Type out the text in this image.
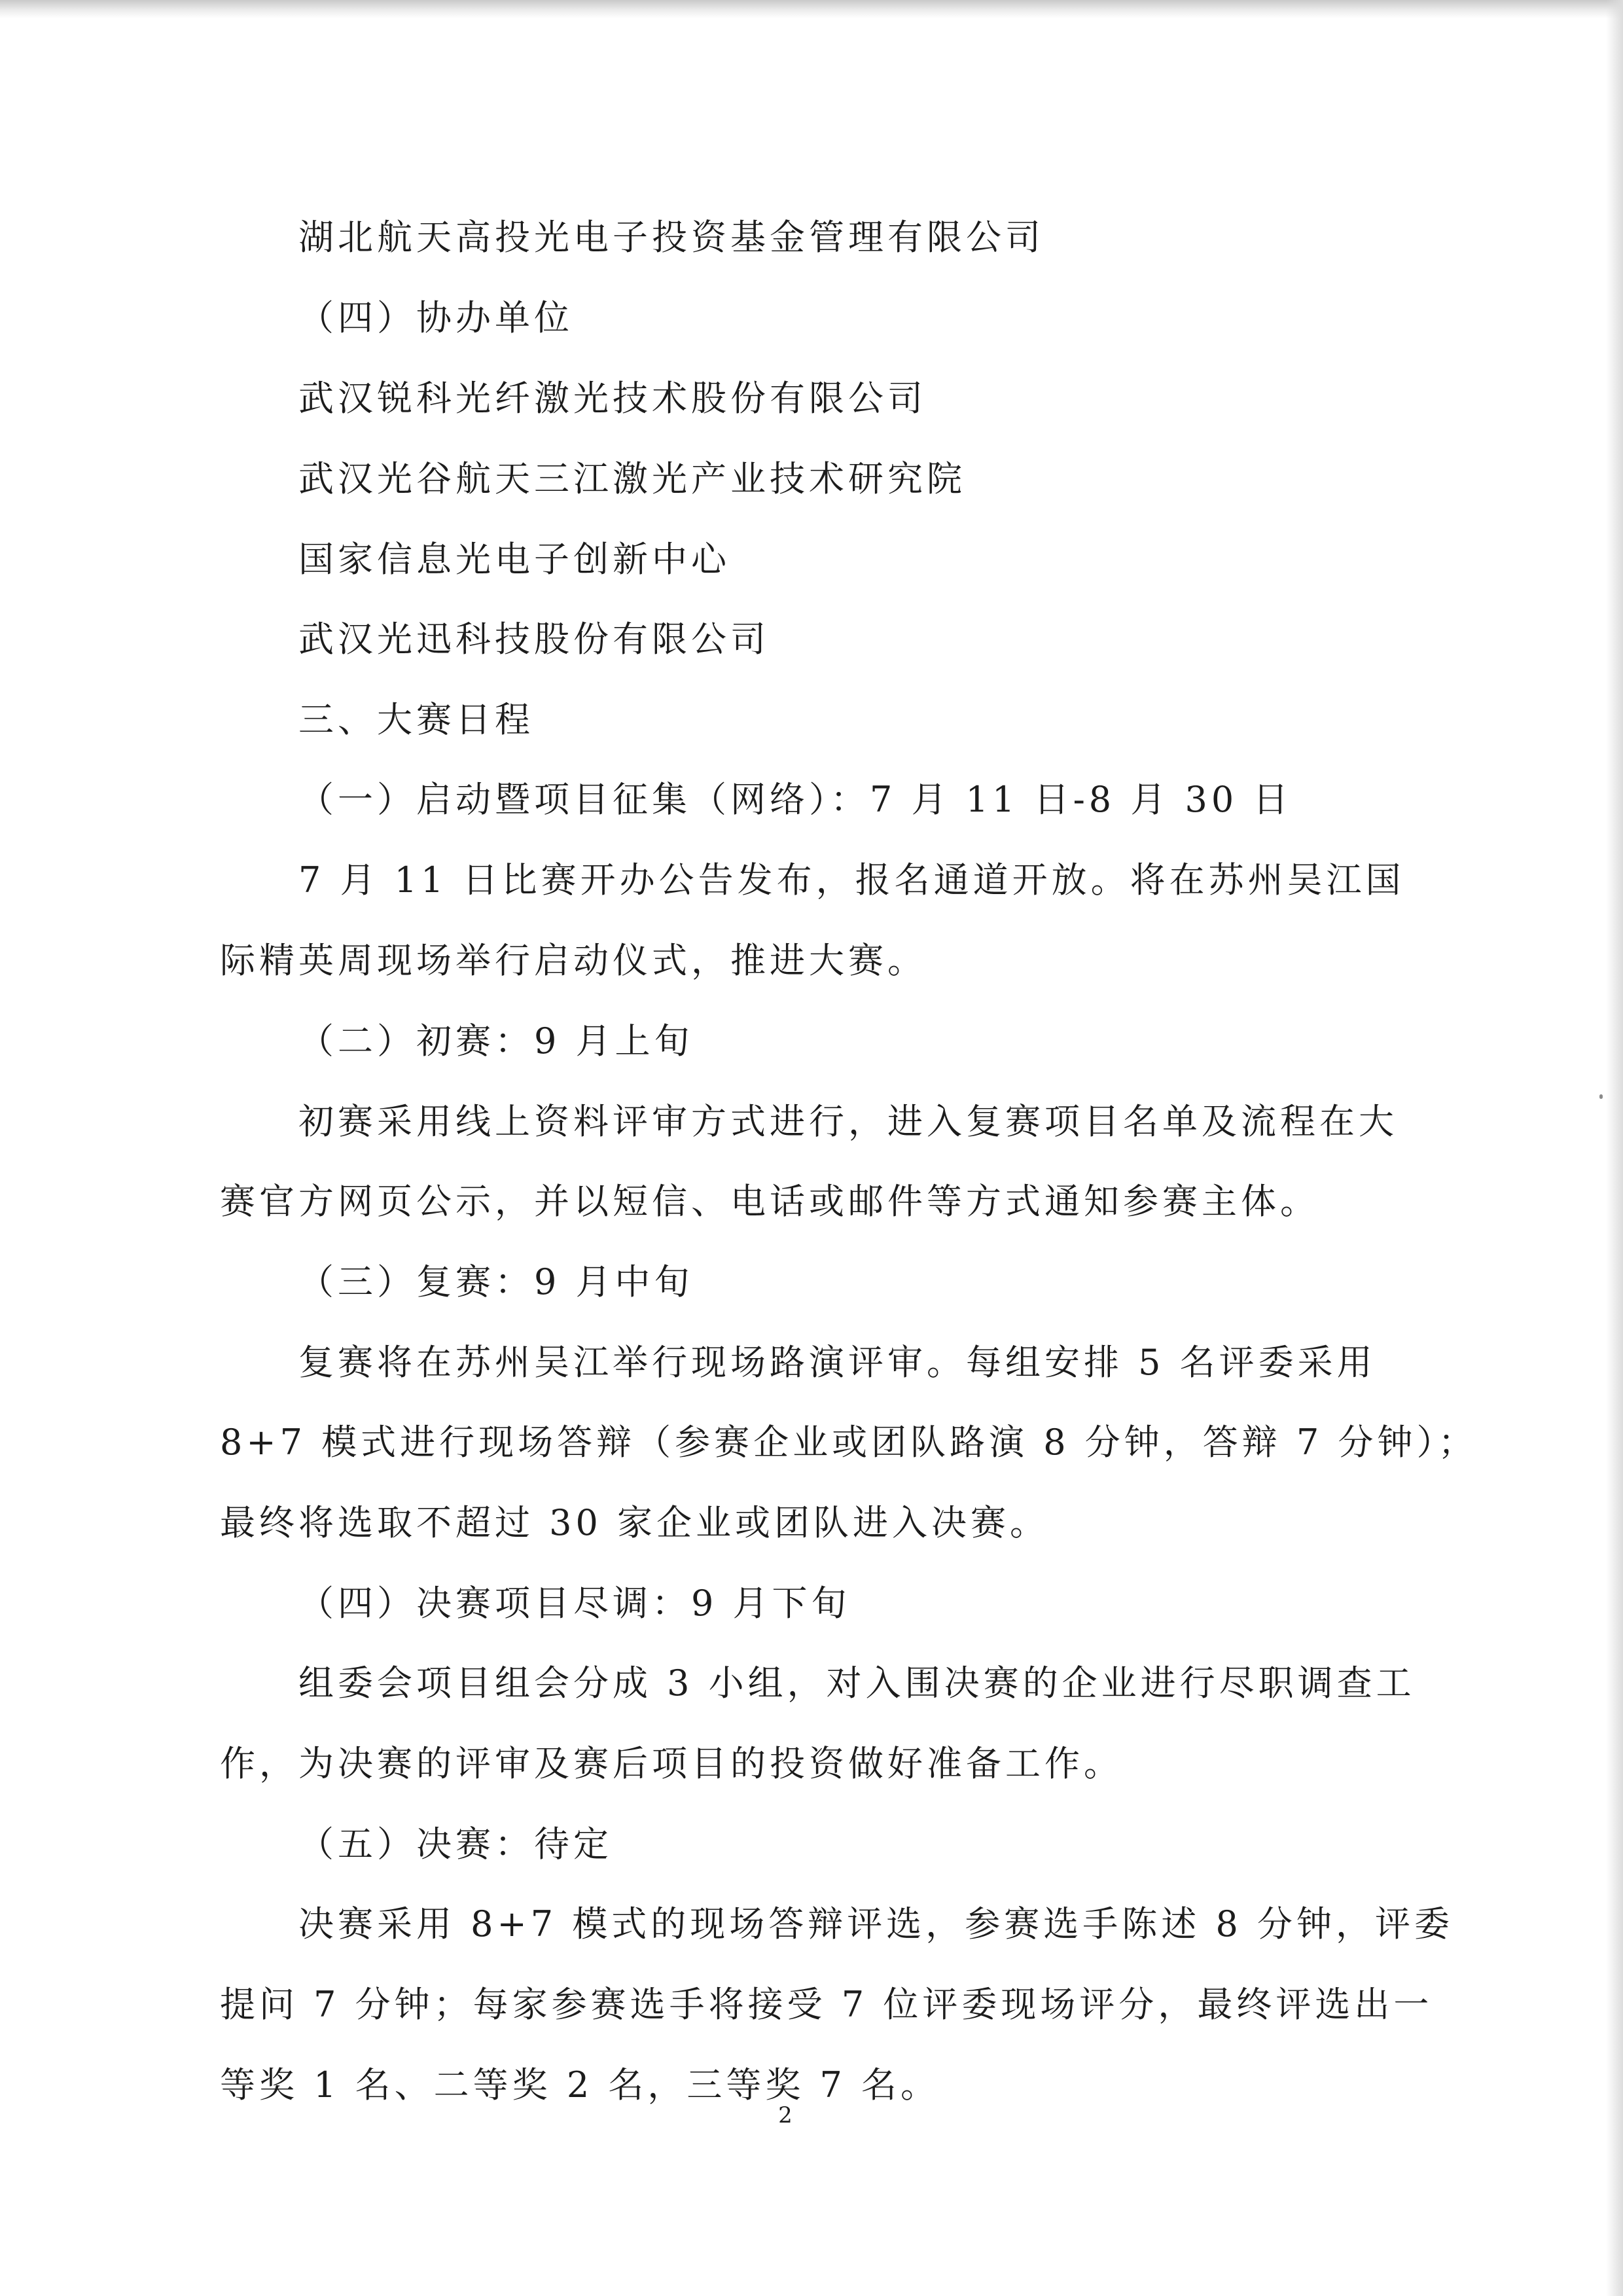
湖北航天高投光电子投资基金管理有限公司
（四）协办单位
武汉锐科光纤激光技术股份有限公司
武汉光谷航天三江激光产业技术研究院
国家信息光电子创新中心
武汉光迅科技股份有限公司
三、大赛日程
（一）启动暨项目征集（网络）：7 月 11 日-8 月 30 日
7 月 11 日比赛开办公告发布，报名通道开放。将在苏州吴江国
际精英周现场举行启动仪式，推进大赛。
（二）初赛：9 月上旬
初赛采用线上资料评审方式进行，进入复赛项目名单及流程在大
赛官方网页公示，并以短信、电话或邮件等方式通知参赛主体。
（三）复赛：9 月中旬
复赛将在苏州吴江举行现场路演评审。每组安排 5 名评委采用
8+7 模式进行现场答辩（参赛企业或团队路演 8 分钟，答辩 7 分钟）；
最终将选取不超过 30 家企业或团队进入决赛。
（四）决赛项目尽调：9 月下旬
组委会项目组会分成 3 小组，对入围决赛的企业进行尽职调查工
作，为决赛的评审及赛后项目的投资做好准备工作。
（五）决赛：待定
决赛采用 8+7 模式的现场答辩评选，参赛选手陈述 8 分钟，评委
提问 7 分钟；每家参赛选手将接受 7 位评委现场评分，最终评选出一
等奖 1 名、二等奖 2 名，三等奖 7 名。
2
